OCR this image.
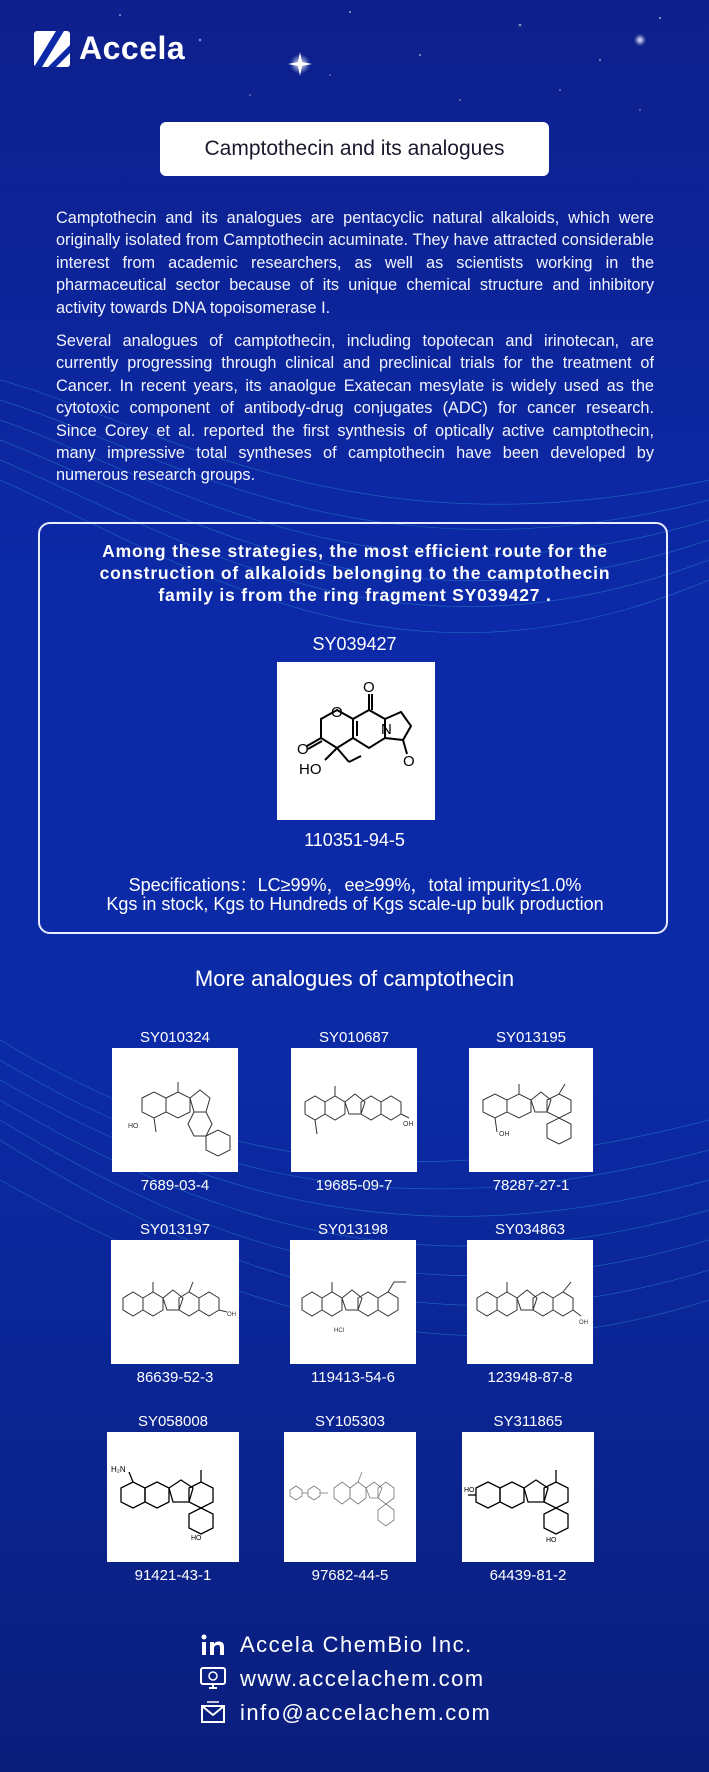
Accela
Camptothecin and its analogues
Camptothecin and its analogues are pentacyclic natural alkaloids, which were originally isolated from Camptothecin acuminate. They have attracted considerable interest from academic researchers, as well as scientists working in the pharmaceutical sector because of its unique chemical structure and inhibitory activity towards DNA topoisomerase I.
Several analogues of camptothecin, including topotecan and irinotecan, are currently progressing through clinical and preclinical trials for the treatment of Cancer. In recent years, its anaolgue Exatecan mesylate is widely used as the cytotoxic component of antibody-drug conjugates (ADC) for cancer research. Since Corey et al. reported the first synthesis of optically active camptothecin, many impressive total syntheses of camptothecin have been developed by numerous research groups.
Among these strategies, the most efficient route for the construction of alkaloids belonging to the camptothecin family is from the ring fragment SY039427 .
SY039427
O
N
O
O
O
HO
110351-94-5
Specifications：LC≥99%，ee≥99%，total impurity≤1.0%
Kgs in stock, Kgs to Hundreds of Kgs scale-up bulk production
More analogues of camptothecin
SY010324
HO
7689-03-4
SY010687
OH
19685-09-7
SY013195
OH
78287-27-1
SY013197
OH
86639-52-3
SY013198
HCl
119413-54-6
SY034863
OH
123948-87-8
SY058008
H₂N
HO
91421-43-1
SY105303
97682-44-5
SY311865
HO
HO
64439-81-2
Accela ChemBio Inc.
www.accelachem.com
info@accelachem.com
